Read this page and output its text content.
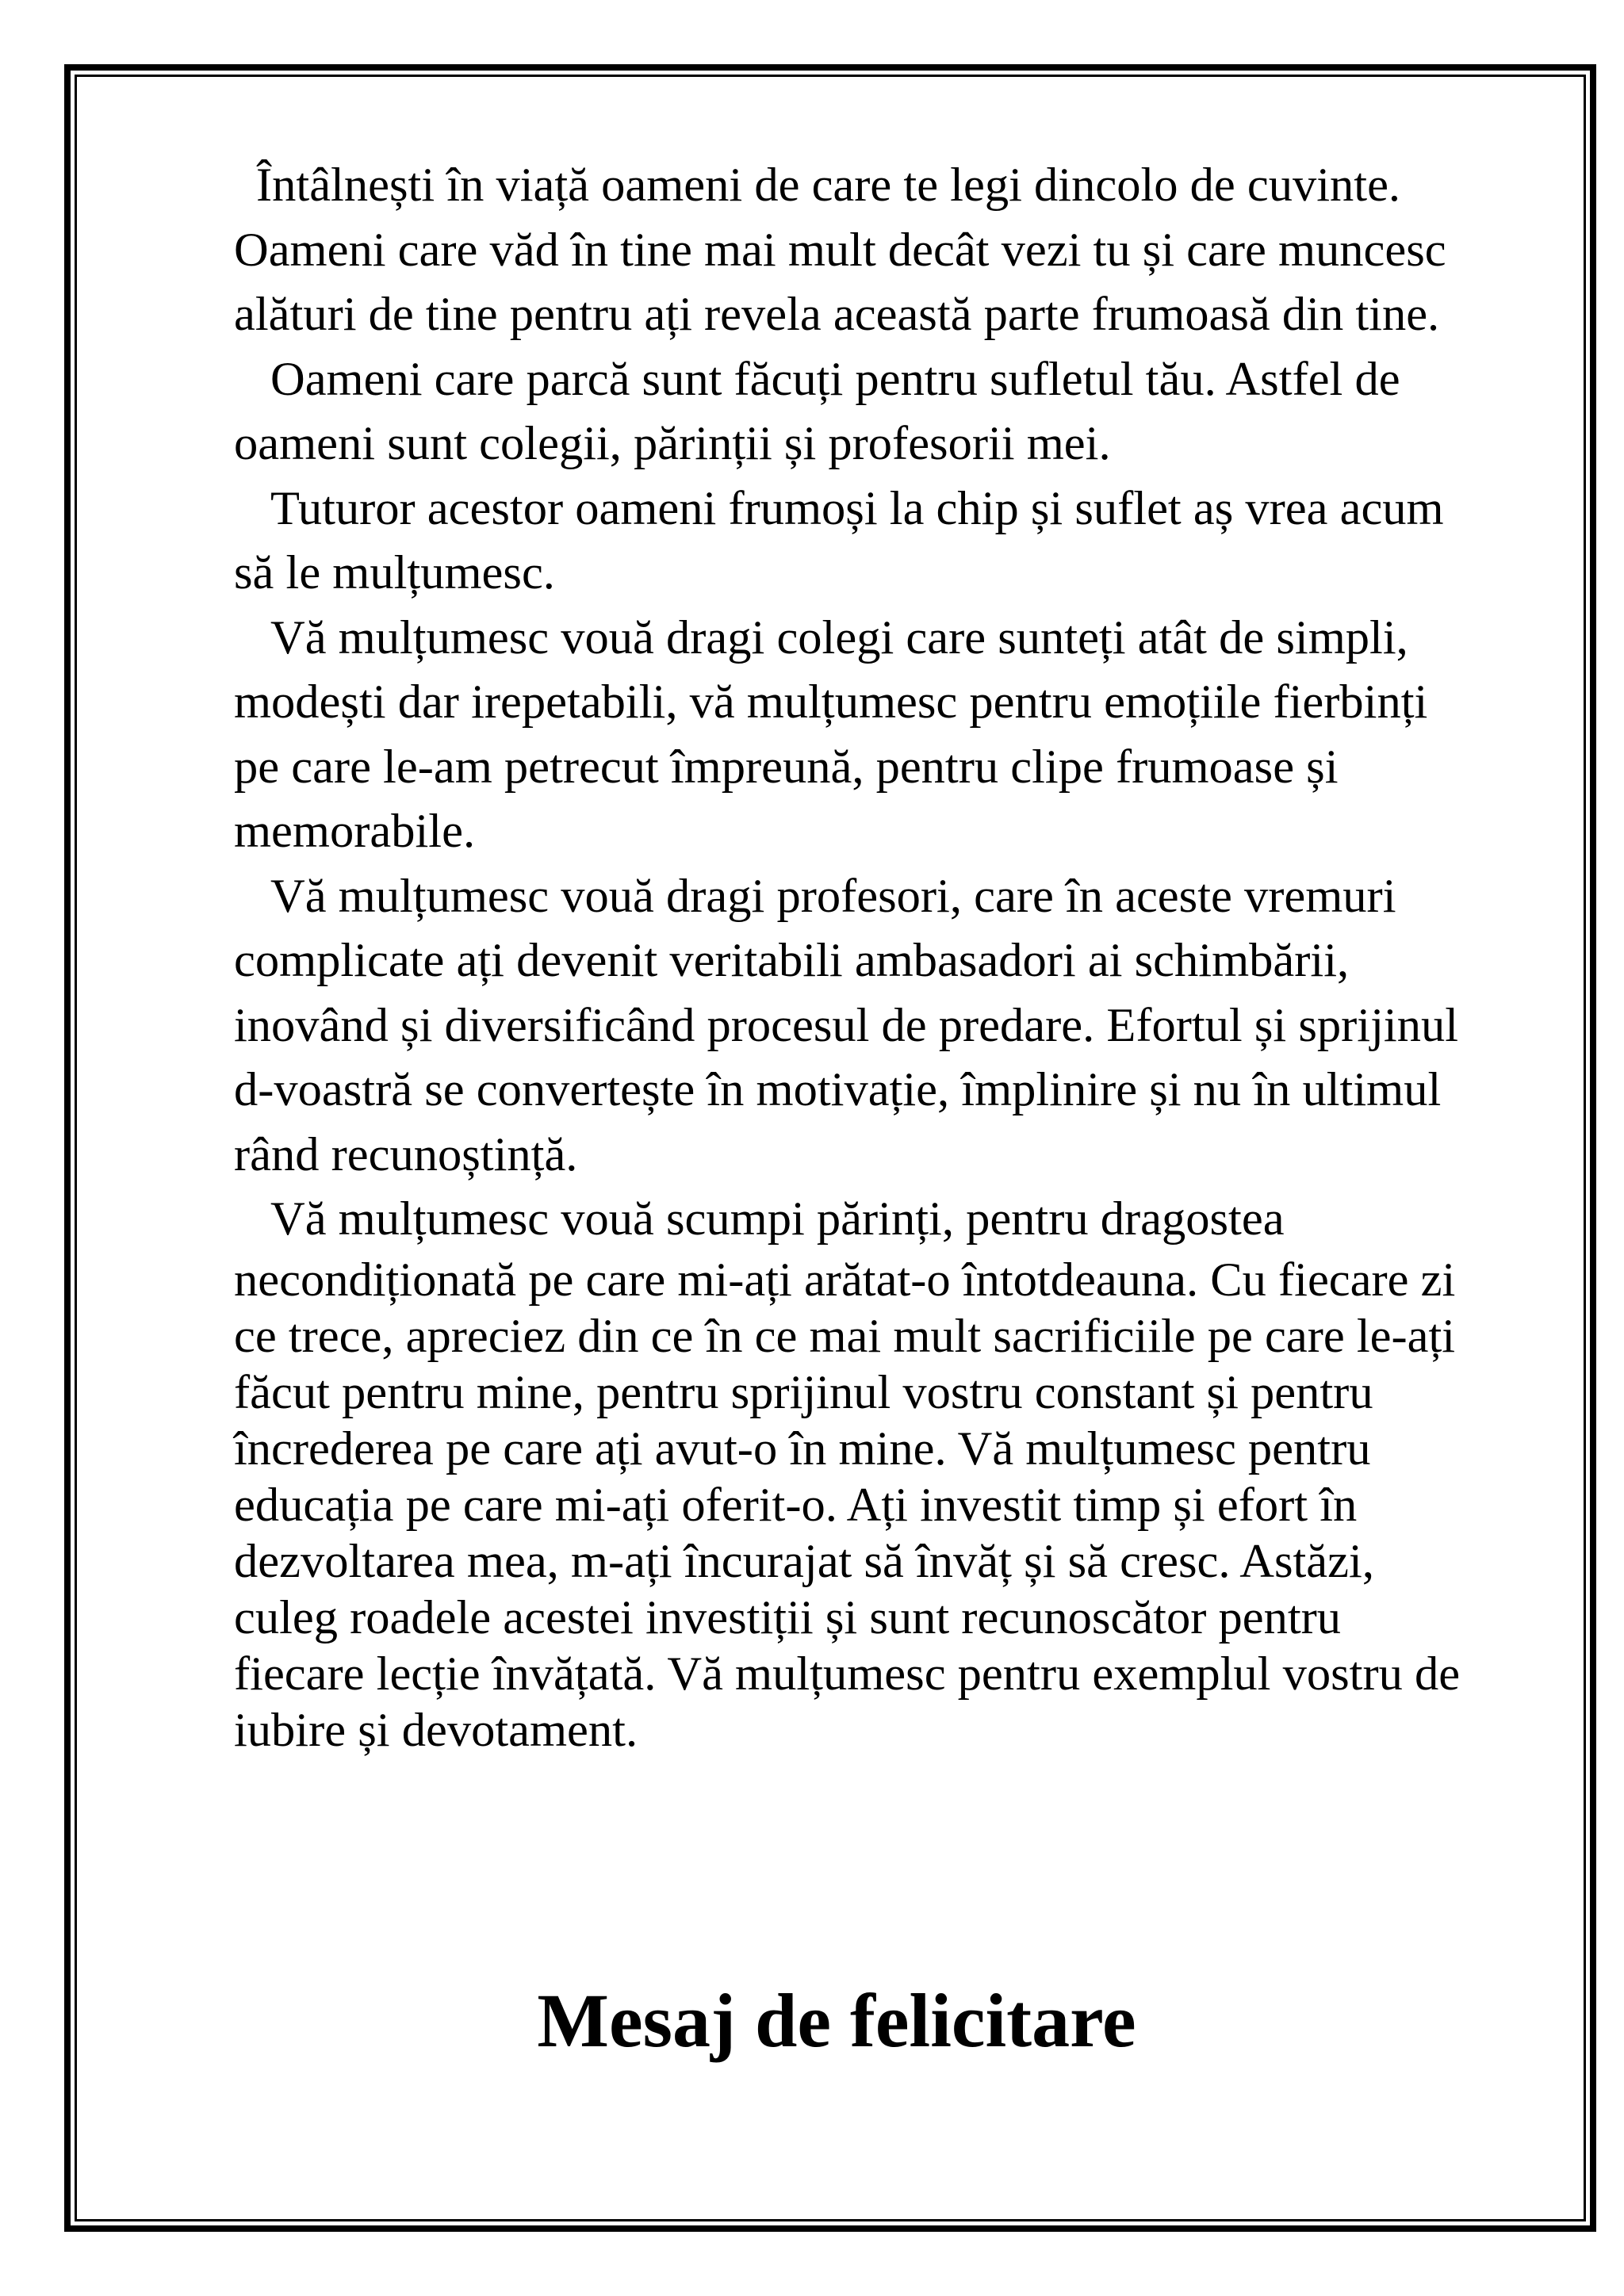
Întâlnești în viață oameni de care te legi dincolo de cuvinte.
Oameni care văd în tine mai mult decât vezi tu și care muncesc
alături de tine pentru ați revela această parte frumoasă din tine.
Oameni care parcă sunt făcuți pentru sufletul tău. Astfel de
oameni sunt colegii, părinții și profesorii mei.
Tuturor acestor oameni frumoși la chip și suflet aș vrea acum
să le mulțumesc.
Vă mulțumesc vouă dragi colegi care sunteți atât de simpli,
modești dar irepetabili, vă mulțumesc pentru emoțiile fierbinți
pe care le-am petrecut împreună, pentru clipe frumoase și
memorabile.
Vă mulțumesc vouă dragi profesori, care în aceste vremuri
complicate ați devenit veritabili ambasadori ai schimbării,
inovând și diversificând procesul de predare. Efortul și sprijinul
d-voastră se convertește în motivație, împlinire și nu în ultimul
rând recunoștință.
Vă mulțumesc vouă scumpi părinți, pentru dragostea
necondiționată pe care mi-ați arătat-o întotdeauna. Cu fiecare zi
ce trece, apreciez din ce în ce mai mult sacrificiile pe care le-ați
făcut pentru mine, pentru sprijinul vostru constant și pentru
încrederea pe care ați avut-o în mine. Vă mulțumesc pentru
educația pe care mi-ați oferit-o. Ați investit timp și efort în
dezvoltarea mea, m-ați încurajat să învăț și să cresc. Astăzi,
culeg roadele acestei investiții și sunt recunoscător pentru
fiecare lecție învățată. Vă mulțumesc pentru exemplul vostru de
iubire și devotament.
Mesaj de felicitare
